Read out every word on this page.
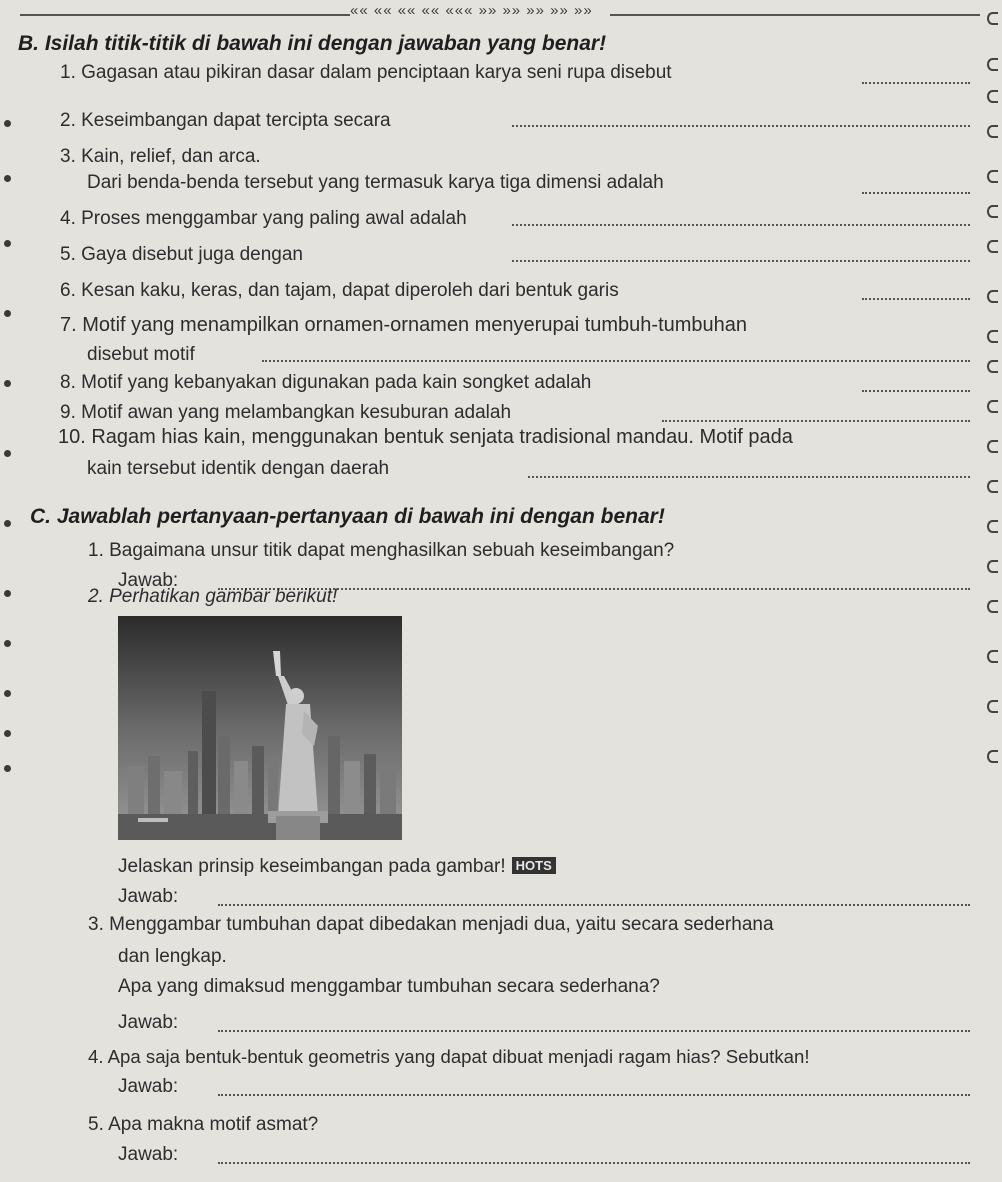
«« «« «« «« ««« »» »» »» »» »»
B. Isilah titik-titik di bawah ini dengan jawaban yang benar!
1. Gagasan atau pikiran dasar dalam penciptaan karya seni rupa disebut
2. Keseimbangan dapat tercipta secara
3. Kain, relief, dan arca.
Dari benda-benda tersebut yang termasuk karya tiga dimensi adalah
4. Proses menggambar yang paling awal adalah
5. Gaya disebut juga dengan
6. Kesan kaku, keras, dan tajam, dapat diperoleh dari bentuk garis
7. Motif yang menampilkan ornamen-ornamen menyerupai tumbuh-tumbuhan
disebut motif
8. Motif yang kebanyakan digunakan pada kain songket adalah
9. Motif awan yang melambangkan kesuburan adalah
10. Ragam hias kain, menggunakan bentuk senjata tradisional mandau. Motif pada
kain tersebut identik dengan daerah
C. Jawablah pertanyaan-pertanyaan di bawah ini dengan benar!
1. Bagaimana unsur titik dapat menghasilkan sebuah keseimbangan?
Jawab:
2. Perhatikan gambar berikut!
Jelaskan prinsip keseimbangan pada gambar! HOTS
Jawab:
3. Menggambar tumbuhan dapat dibedakan menjadi dua, yaitu secara sederhana
dan lengkap.
Apa yang dimaksud menggambar tumbuhan secara sederhana?
Jawab:
4. Apa saja bentuk-bentuk geometris yang dapat dibuat menjadi ragam hias? Sebutkan!
Jawab:
5. Apa makna motif asmat?
Jawab:
